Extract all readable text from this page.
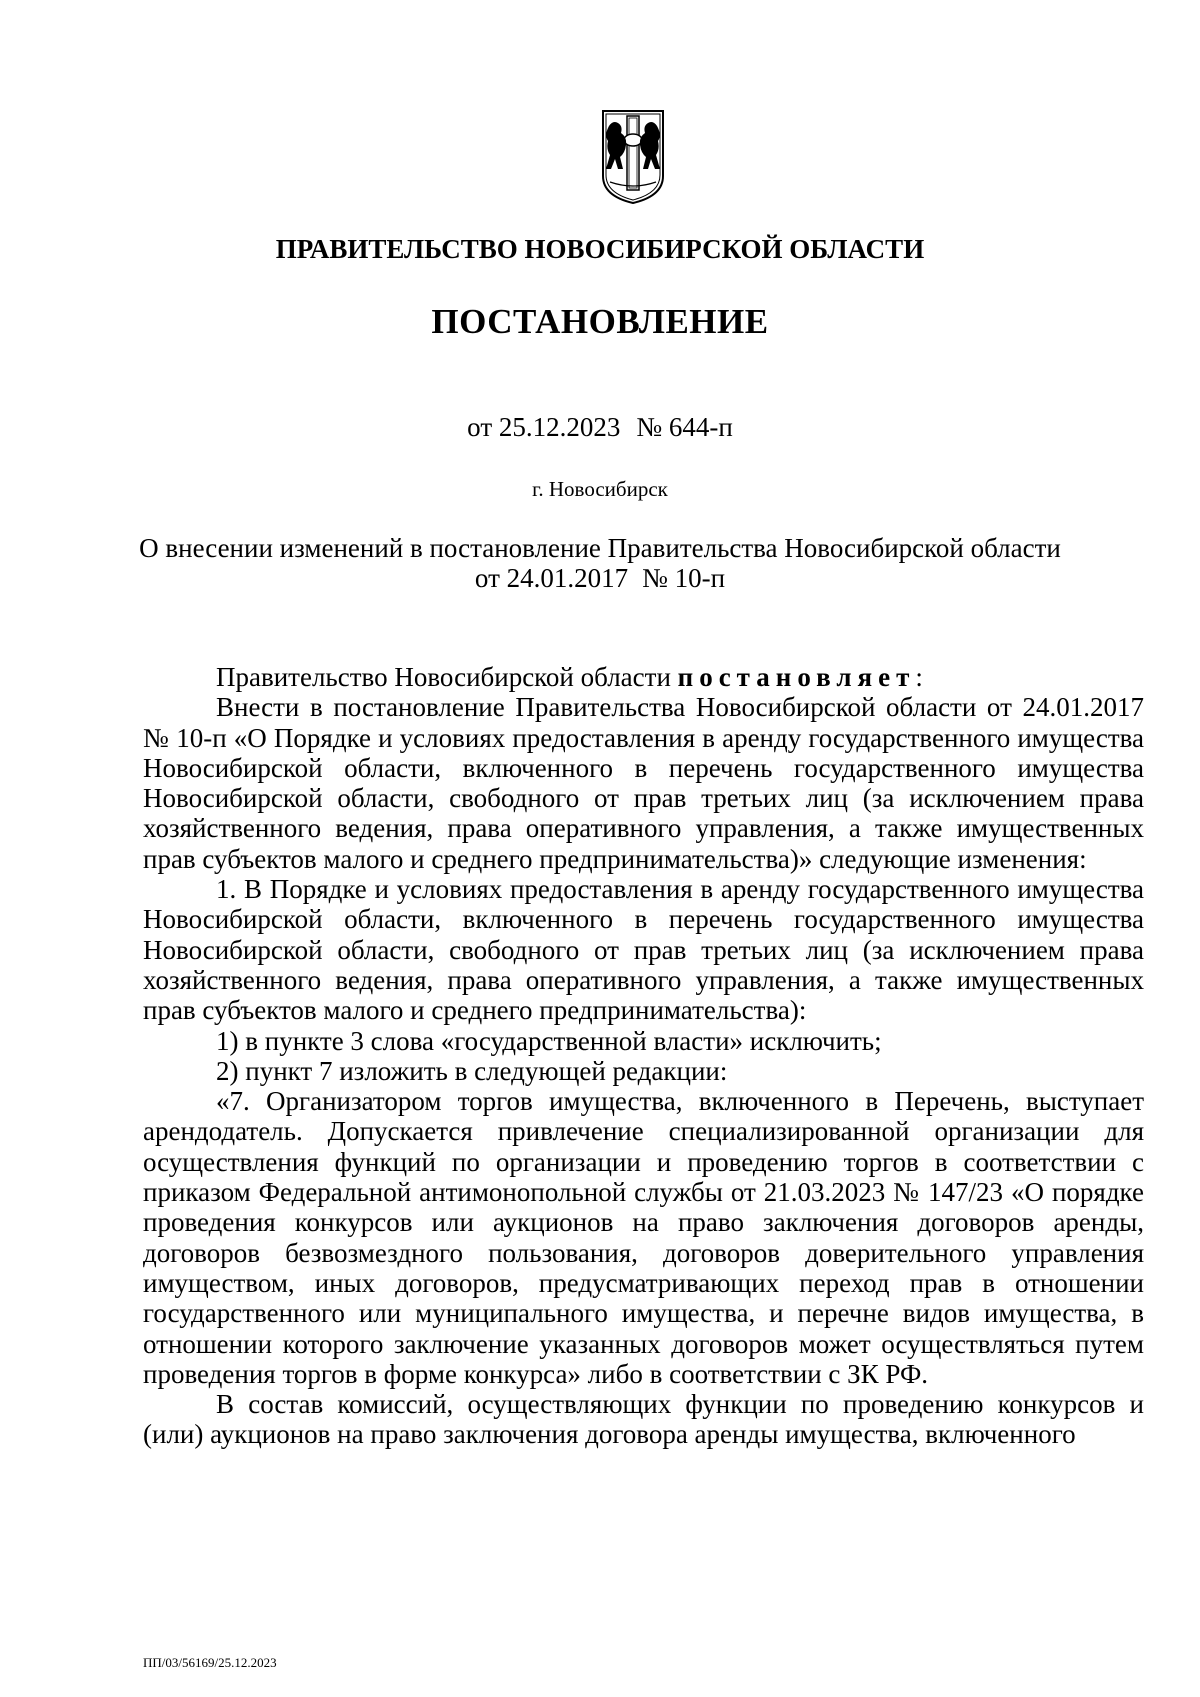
ПРАВИТЕЛЬСТВО НОВОСИБИРСКОЙ ОБЛАСТИ
ПОСТАНОВЛЕНИЕ
от 25.12.2023 № 644-п
г. Новосибирск
О внесении изменений в постановление Правительства Новосибирской области
от 24.01.2017 № 10-п

Правительство Новосибирской области постановляет:

Внести в постановление Правительства Новосибирской области от 24.01.2017 № 10-п «О Порядке и условиях предоставления в аренду государственного имущества Новосибирской области, включенного в перечень государственного имущества Новосибирской области, свободного от прав третьих лиц (за исключением права хозяйственного ведения, права оперативного управления, а также имущественных прав субъектов малого и среднего предпринимательства)» следующие изменения:

1. В Порядке и условиях предоставления в аренду государственного имущества Новосибирской области, включенного в перечень государственного имущества Новосибирской области, свободного от прав третьих лиц (за исключением права хозяйственного ведения, права оперативного управления, а также имущественных прав субъектов малого и среднего предпринимательства):

1) в пункте 3 слова «государственной власти» исключить;

2) пункт 7 изложить в следующей редакции:

«7. Организатором торгов имущества, включенного в Перечень, выступает арендодатель. Допускается привлечение специализированной организации для осуществления функций по организации и проведению торгов в соответствии с приказом Федеральной антимонопольной службы от 21.03.2023 № 147/23 «О порядке проведения конкурсов или аукционов на право заключения договоров аренды, договоров безвозмездного пользования, договоров доверительного управления имуществом, иных договоров, предусматривающих переход прав в отношении государственного или муниципального имущества, и перечне видов имущества, в отношении которого заключение указанных договоров может осуществляться путем проведения торгов в форме конкурса» либо в соответствии с ЗК РФ.

В состав комиссий, осуществляющих функции по проведению конкурсов и (или) аукционов на право заключения договора аренды имущества, включенного

ПП/03/56169/25.12.2023
